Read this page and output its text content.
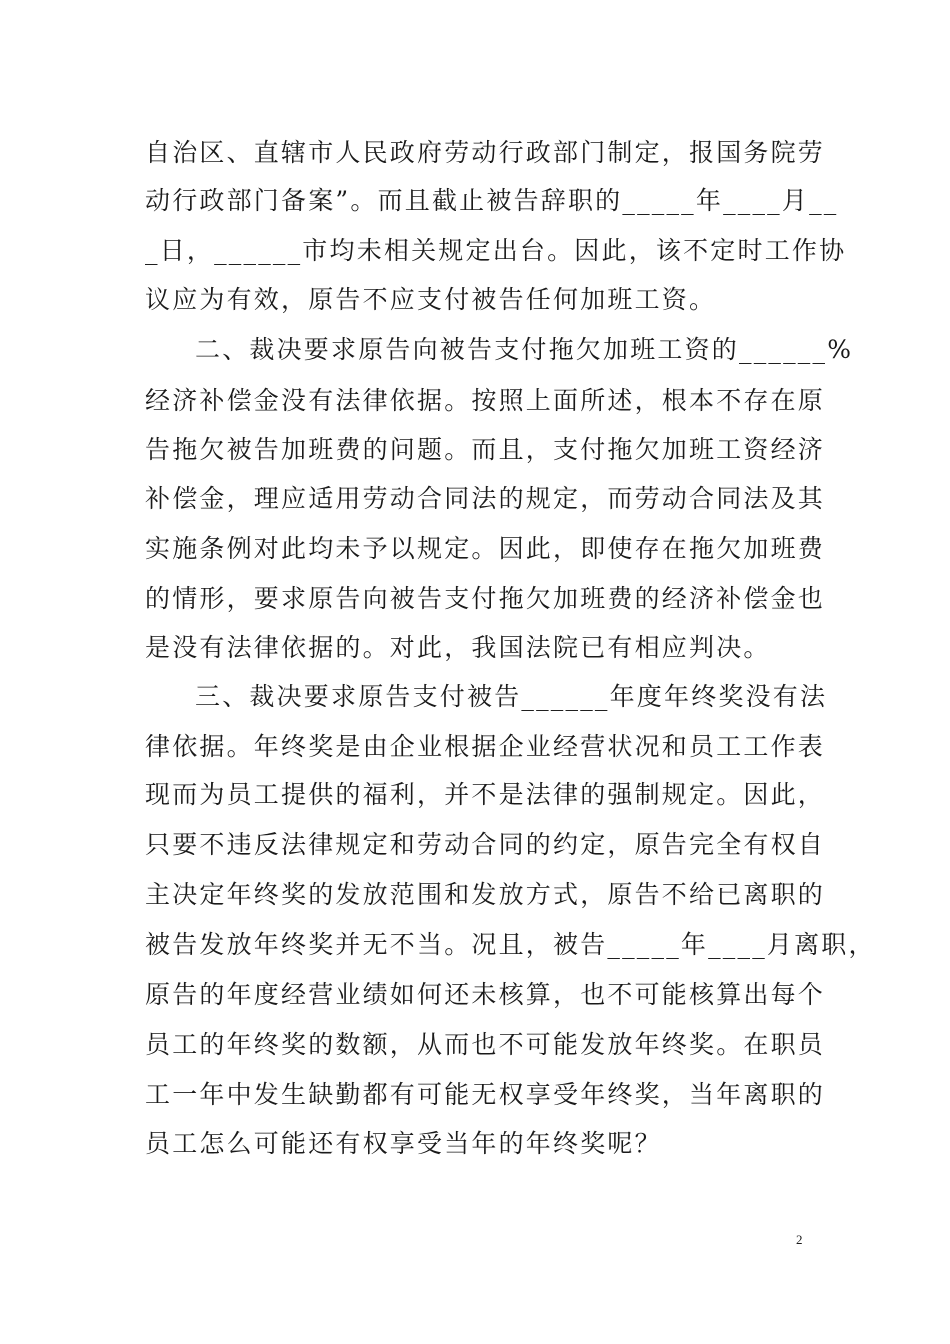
自治区、直辖市人民政府劳动行政部门制定，报国务院劳
动行政部门备案”。而且截止被告辞职的_____年____月__
_日，______市均未相关规定出台。因此，该不定时工作协
议应为有效，原告不应支付被告任何加班工资。
二、裁决要求原告向被告支付拖欠加班工资的______%
经济补偿金没有法律依据。按照上面所述，根本不存在原
告拖欠被告加班费的问题。而且，支付拖欠加班工资经济
补偿金，理应适用劳动合同法的规定，而劳动合同法及其
实施条例对此均未予以规定。因此，即使存在拖欠加班费
的情形，要求原告向被告支付拖欠加班费的经济补偿金也
是没有法律依据的。对此，我国法院已有相应判决。
三、裁决要求原告支付被告______年度年终奖没有法
律依据。年终奖是由企业根据企业经营状况和员工工作表
现而为员工提供的福利，并不是法律的强制规定。因此，
只要不违反法律规定和劳动合同的约定，原告完全有权自
主决定年终奖的发放范围和发放方式，原告不给已离职的
被告发放年终奖并无不当。况且，被告_____年____月离职，
原告的年度经营业绩如何还未核算，也不可能核算出每个
员工的年终奖的数额，从而也不可能发放年终奖。在职员
工一年中发生缺勤都有可能无权享受年终奖，当年离职的
员工怎么可能还有权享受当年的年终奖呢？
2
